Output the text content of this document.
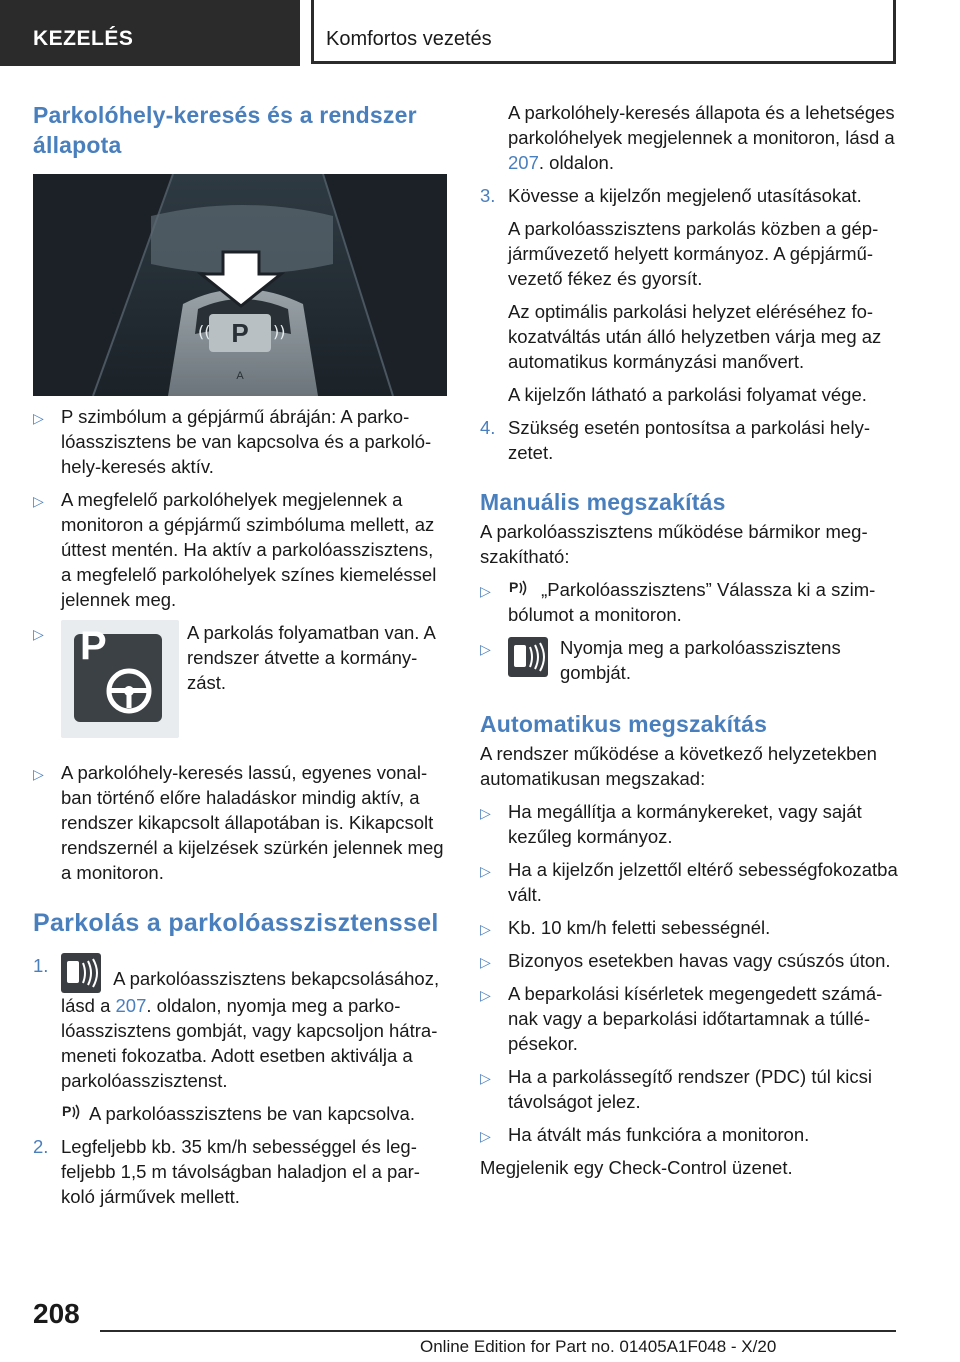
KEZELÉS	Komfortos vezetés
Parkolóhely-keresés és a rendszer állapota
P
((	))
A
▷ P szimbólum a gépjármű ábráján: A parkolóasszisztens be van kapcsolva és a parkolóhely-keresés aktív.
▷ A megfelelő parkolóhelyek megjelennek a monitoron a gépjármű szimbóluma mellett, az úttest mentén. Ha aktív a parkolóasszisztens, a megfelelő parkolóhelyek színes kiemeléssel jelennek meg.
▷ P	A parkolás folyamatban van. A rendszer átvette a kormányzást.
▷ A parkolóhely-keresés lassú, egyenes vonalban történő előre haladáskor mindig aktív, a rendszer kikapcsolt állapotában is. Kikapcsolt rendszernél a kijelzések szürkén jelennek meg a monitoron.
Parkolás a parkolóasszisztenssel
1.
A parkolóasszisztens bekapcsolásához, lásd a 207. oldalon, nyomja meg a parkolóasszisztens gombját, vagy kapcsoljon hátrameneti fokozatba. Adott esetben aktiválja a parkolóasszisztenst.

P A parkolóasszisztens be van kapcsolva.

2. Legfeljebb kb. 35 km/h sebességgel és legfeljebb 1,5 m távolságban haladjon el a parkoló járművek mellett.

A parkolóhely-keresés állapota és a lehetséges parkolóhelyek megjelennek a monitoron, lásd a 207. oldalon.

3. Kövesse a kijelzőn megjelenő utasításokat.

A parkolóasszisztens parkolás közben a gépjárművezető helyett kormányoz. A gépjárművezető fékez és gyorsít.

Az optimális parkolási helyzet eléréséhez fokozatváltás után álló helyzetben várja meg az automatikus kormányzási manővert.

A kijelzőn látható a parkolási folyamat vége.

4. Szükség esetén pontosítsa a parkolási helyzetet.
Manuális megszakítás

A parkolóasszisztens működése bármikor megszakítható:

▷ P „Parkolóasszisztens” Válassza ki a szimbólumot a monitoron.
▷	Nyomja meg a parkolóasszisztens gombját.
Automatikus megszakítás

A rendszer működése a következő helyzetekben automatikusan megszakad:

▷ Ha megállítja a kormánykereket, vagy saját kezűleg kormányoz.
▷ Ha a kijelzőn jelzettől eltérő sebességfokozatba vált.
▷ Kb. 10 km/h feletti sebességnél.
▷ Bizonyos esetekben havas vagy csúszós úton.
▷ A beparkolási kísérletek megengedett számának vagy a beparkolási időtartamnak a túllépésekor.
▷ Ha a parkolássegítő rendszer (PDC) túl kicsi távolságot jelez.
▷ Ha átvált más funkcióra a monitoron.

Megjelenik egy Check-Control üzenet.

208
Online Edition for Part no. 01405A1F048 - X/20
